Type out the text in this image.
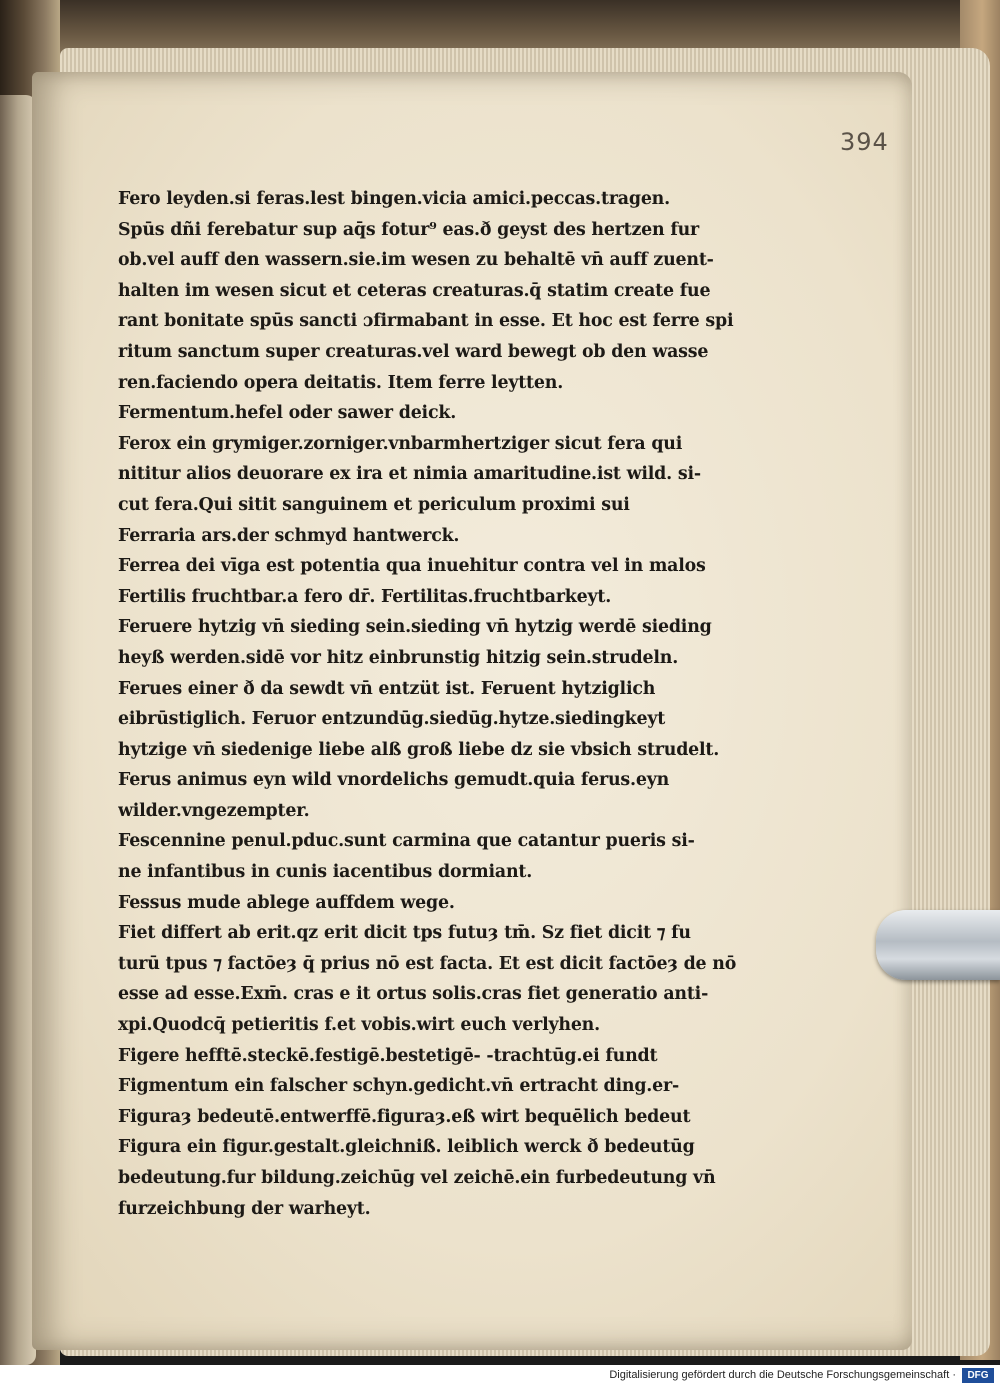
394
Fero leyden.si feras.lest bingen.vicia amici.peccas.tragen.
Spūs dñi ferebatur sup aq̄s fotur⁹ eas.ð geyst des hertzen fur
ob.vel auff den wassern.sie.im wesen zu behaltē vn̄ auff zuent-
halten im wesen sicut et ceteras creaturas.q̄ statim create fue
rant bonitate spūs sancti ɔfirmabant in esse. Et hoc est ferre spi
ritum sanctum super creaturas.vel ward bewegt ob den wasse
ren.faciendo opera deitatis. Item ferre leytten.
Fermentum.hefel oder sawer deick.
Ferox ein grymiger.zorniger.vnbarmhertziger sicut fera qui
nititur alios deuorare ex ira et nimia amaritudine.ist wild. si-
cut fera.Qui sitit sanguinem et periculum proximi sui
Ferraria ars.der schmyd hantwerck.
Ferrea dei vīga est potentia qua inuehitur contra vel in malos
Fertilis fruchtbar.a fero dr̄. Fertilitas.fruchtbarkeyt.
Feruere hytzig vn̄ sieding sein.sieding vn̄ hytzig werdē sieding
heyß werden.sidē vor hitz einbrunstig hitzig sein.strudeln.
Ferues einer ð da sewdt vn̄ entzüt ist. Feruent hytziglich
eibrūstiglich. Feruor entzundūg.siedūg.hytze.siedingkeyt
hytzige vn̄ siedenige liebe alß groß liebe dz sie vbsich strudelt.
Ferus animus eyn wild vnordelichs gemudt.quia ferus.eyn
wilder.vngezempter.
Fescennine penul.pduc.sunt carmina que catantur pueris si-
ne infantibus in cunis iacentibus dormiant.
Fessus mude ablege auffdem wege.
Fiet differt ab erit.qz erit dicit tps futuȝ tm̄. Sz fiet dicit ⁊ fu
turū tpus ⁊ factōeȝ q̄ prius nō est facta. Et est dicit factōeȝ de nō
esse ad esse.Exm̄. cras e it ortus solis.cras fiet generatio anti-
xpi.Quodcq̄ petieritis f.et vobis.wirt euch verlyhen.
Figere hefftē.steckē.festigē.bestetigē- -trachtūg.ei fundt
Figmentum ein falscher schyn.gedicht.vn̄ ertracht ding.er-
Figuraȝ bedeutē.entwerffē.figuraȝ.eß wirt bequēlich bedeut
Figura ein figur.gestalt.gleichniß. leiblich werck ð bedeutūg
bedeutung.fur bildung.zeichūg vel zeichē.ein furbedeutung vn̄
furzeichbung der warheyt.
Digitalisierung gefördert durch die Deutsche Forschungsgemeinschaft ·	DFG
